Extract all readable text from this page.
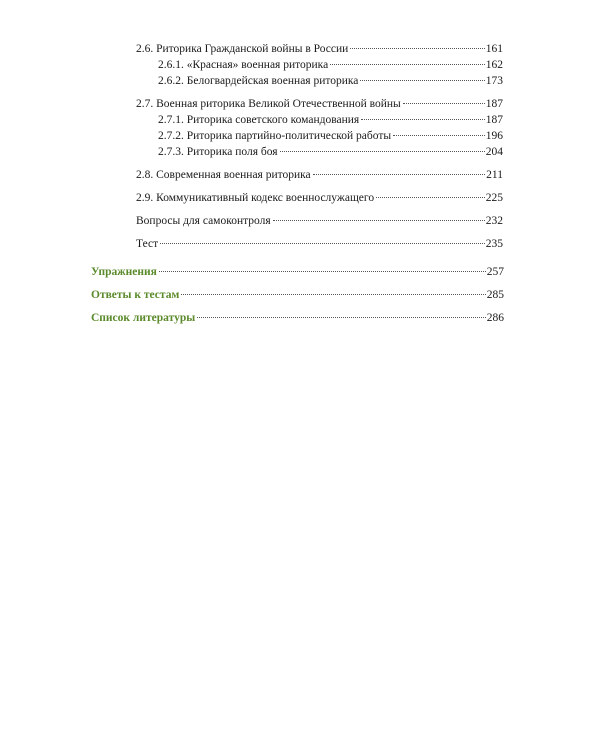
2.6. Риторика Гражданской войны в России	161
2.6.1. «Красная» военная риторика	162
2.6.2. Белогвардейская военная риторика	173
2.7. Военная риторика Великой Отечественной войны	187
2.7.1. Риторика советского командования	187
2.7.2. Риторика партийно-политической работы	196
2.7.3. Риторика поля боя	204
2.8. Современная военная риторика	211
2.9. Коммуникативный кодекс военнослужащего	225
Вопросы для самоконтроля	232
Тест	235
Упражнения	257
Ответы к тестам	285
Список литературы	286
